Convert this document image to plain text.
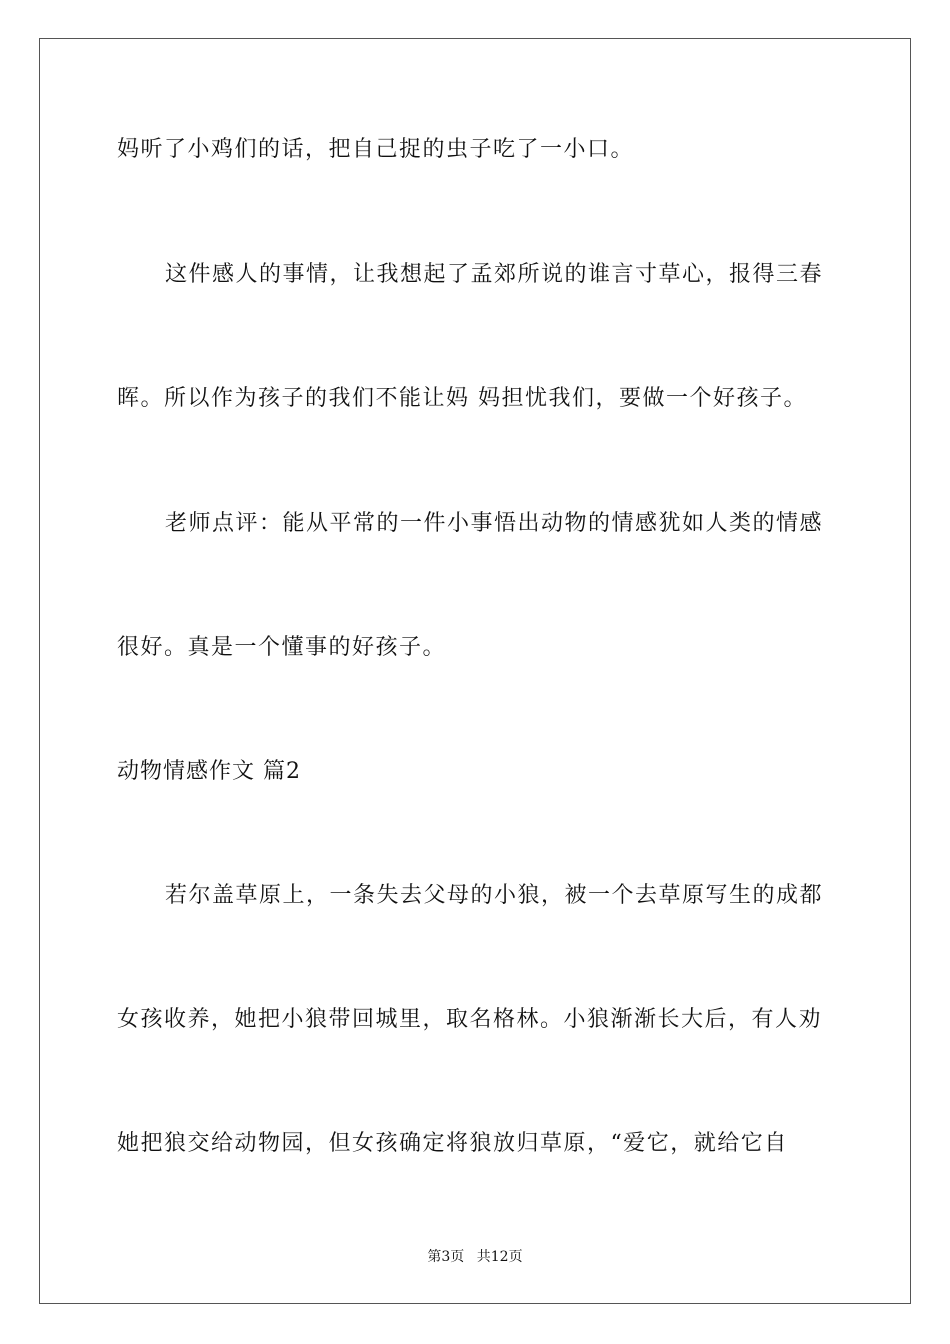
妈听了小鸡们的话，把自己捉的虫子吃了一小口。
这件感人的事情，让我想起了孟郊所说的谁言寸草心，报得三春
晖。所以作为孩子的我们不能让妈 妈担忧我们，要做一个好孩子。
老师点评：能从平常的一件小事悟出动物的情感犹如人类的情感
很好。真是一个懂事的好孩子。
动物情感作文 篇2
若尔盖草原上，一条失去父母的小狼，被一个去草原写生的成都
女孩收养，她把小狼带回城里，取名格林。小狼渐渐长大后，有人劝
她把狼交给动物园，但女孩确定将狼放归草原，“爱它，就给它自
第3页 共12页
